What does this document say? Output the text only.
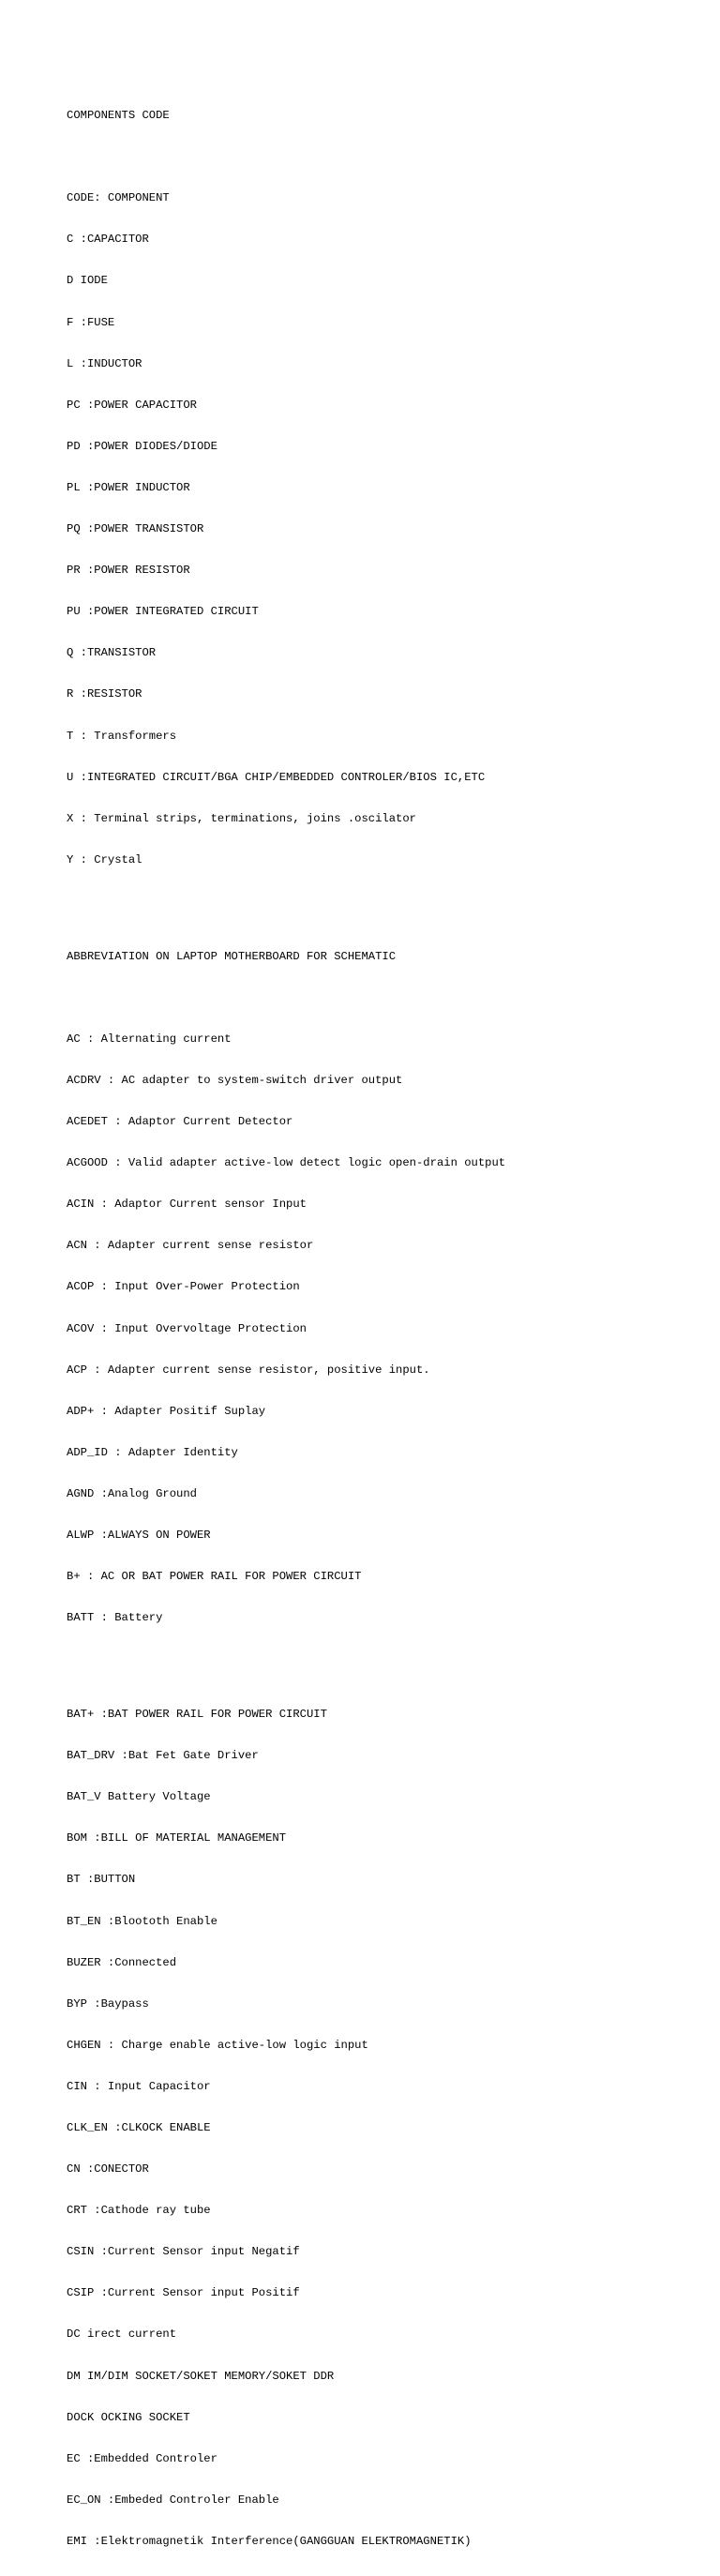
COMPONENTS CODE

CODE: COMPONENT

C :CAPACITOR

D IODE

F :FUSE

L :INDUCTOR

PC :POWER CAPACITOR

PD :POWER DIODES/DIODE

PL :POWER INDUCTOR

PQ :POWER TRANSISTOR

PR :POWER RESISTOR

PU :POWER INTEGRATED CIRCUIT

Q :TRANSISTOR

R :RESISTOR

T : Transformers

U :INTEGRATED CIRCUIT/BGA CHIP/EMBEDDED CONTROLER/BIOS IC,ETC

X : Terminal strips, terminations, joins .oscilator

Y : Crystal

ABBREVIATION ON LAPTOP MOTHERBOARD FOR SCHEMATIC

AC : Alternating current

ACDRV : AC adapter to system-switch driver output

ACEDET : Adaptor Current Detector

ACGOOD : Valid adapter active-low detect logic open-drain output

ACIN : Adaptor Current sensor Input

ACN : Adapter current sense resistor

ACOP : Input Over-Power Protection

ACOV : Input Overvoltage Protection

ACP : Adapter current sense resistor, positive input.

ADP+ : Adapter Positif Suplay

ADP_ID : Adapter Identity

AGND :Analog Ground

ALWP :ALWAYS ON POWER

B+ : AC OR BAT POWER RAIL FOR POWER CIRCUIT

BATT : Battery

BAT+ :BAT POWER RAIL FOR POWER CIRCUIT

BAT_DRV :Bat Fet Gate Driver

BAT_V Battery Voltage

BOM :BILL OF MATERIAL MANAGEMENT

BT :BUTTON

BT_EN :Bloototh Enable

BUZER :Connected

BYP :Baypass

CHGEN : Charge enable active-low logic input

CIN : Input Capacitor

CLK_EN :CLKOCK ENABLE

CN :CONECTOR

CRT :Cathode ray tube

CSIN :Current Sensor input Negatif

CSIP :Current Sensor input Positif

DC irect current

DM IM/DIM SOCKET/SOKET MEMORY/SOKET DDR

DOCK OCKING SOCKET

EC :Embedded Controler

EC_ON :Embeded Controler Enable

EMI :Elektromagnetik Interference(GANGGUAN ELEKTROMAGNETIK)
